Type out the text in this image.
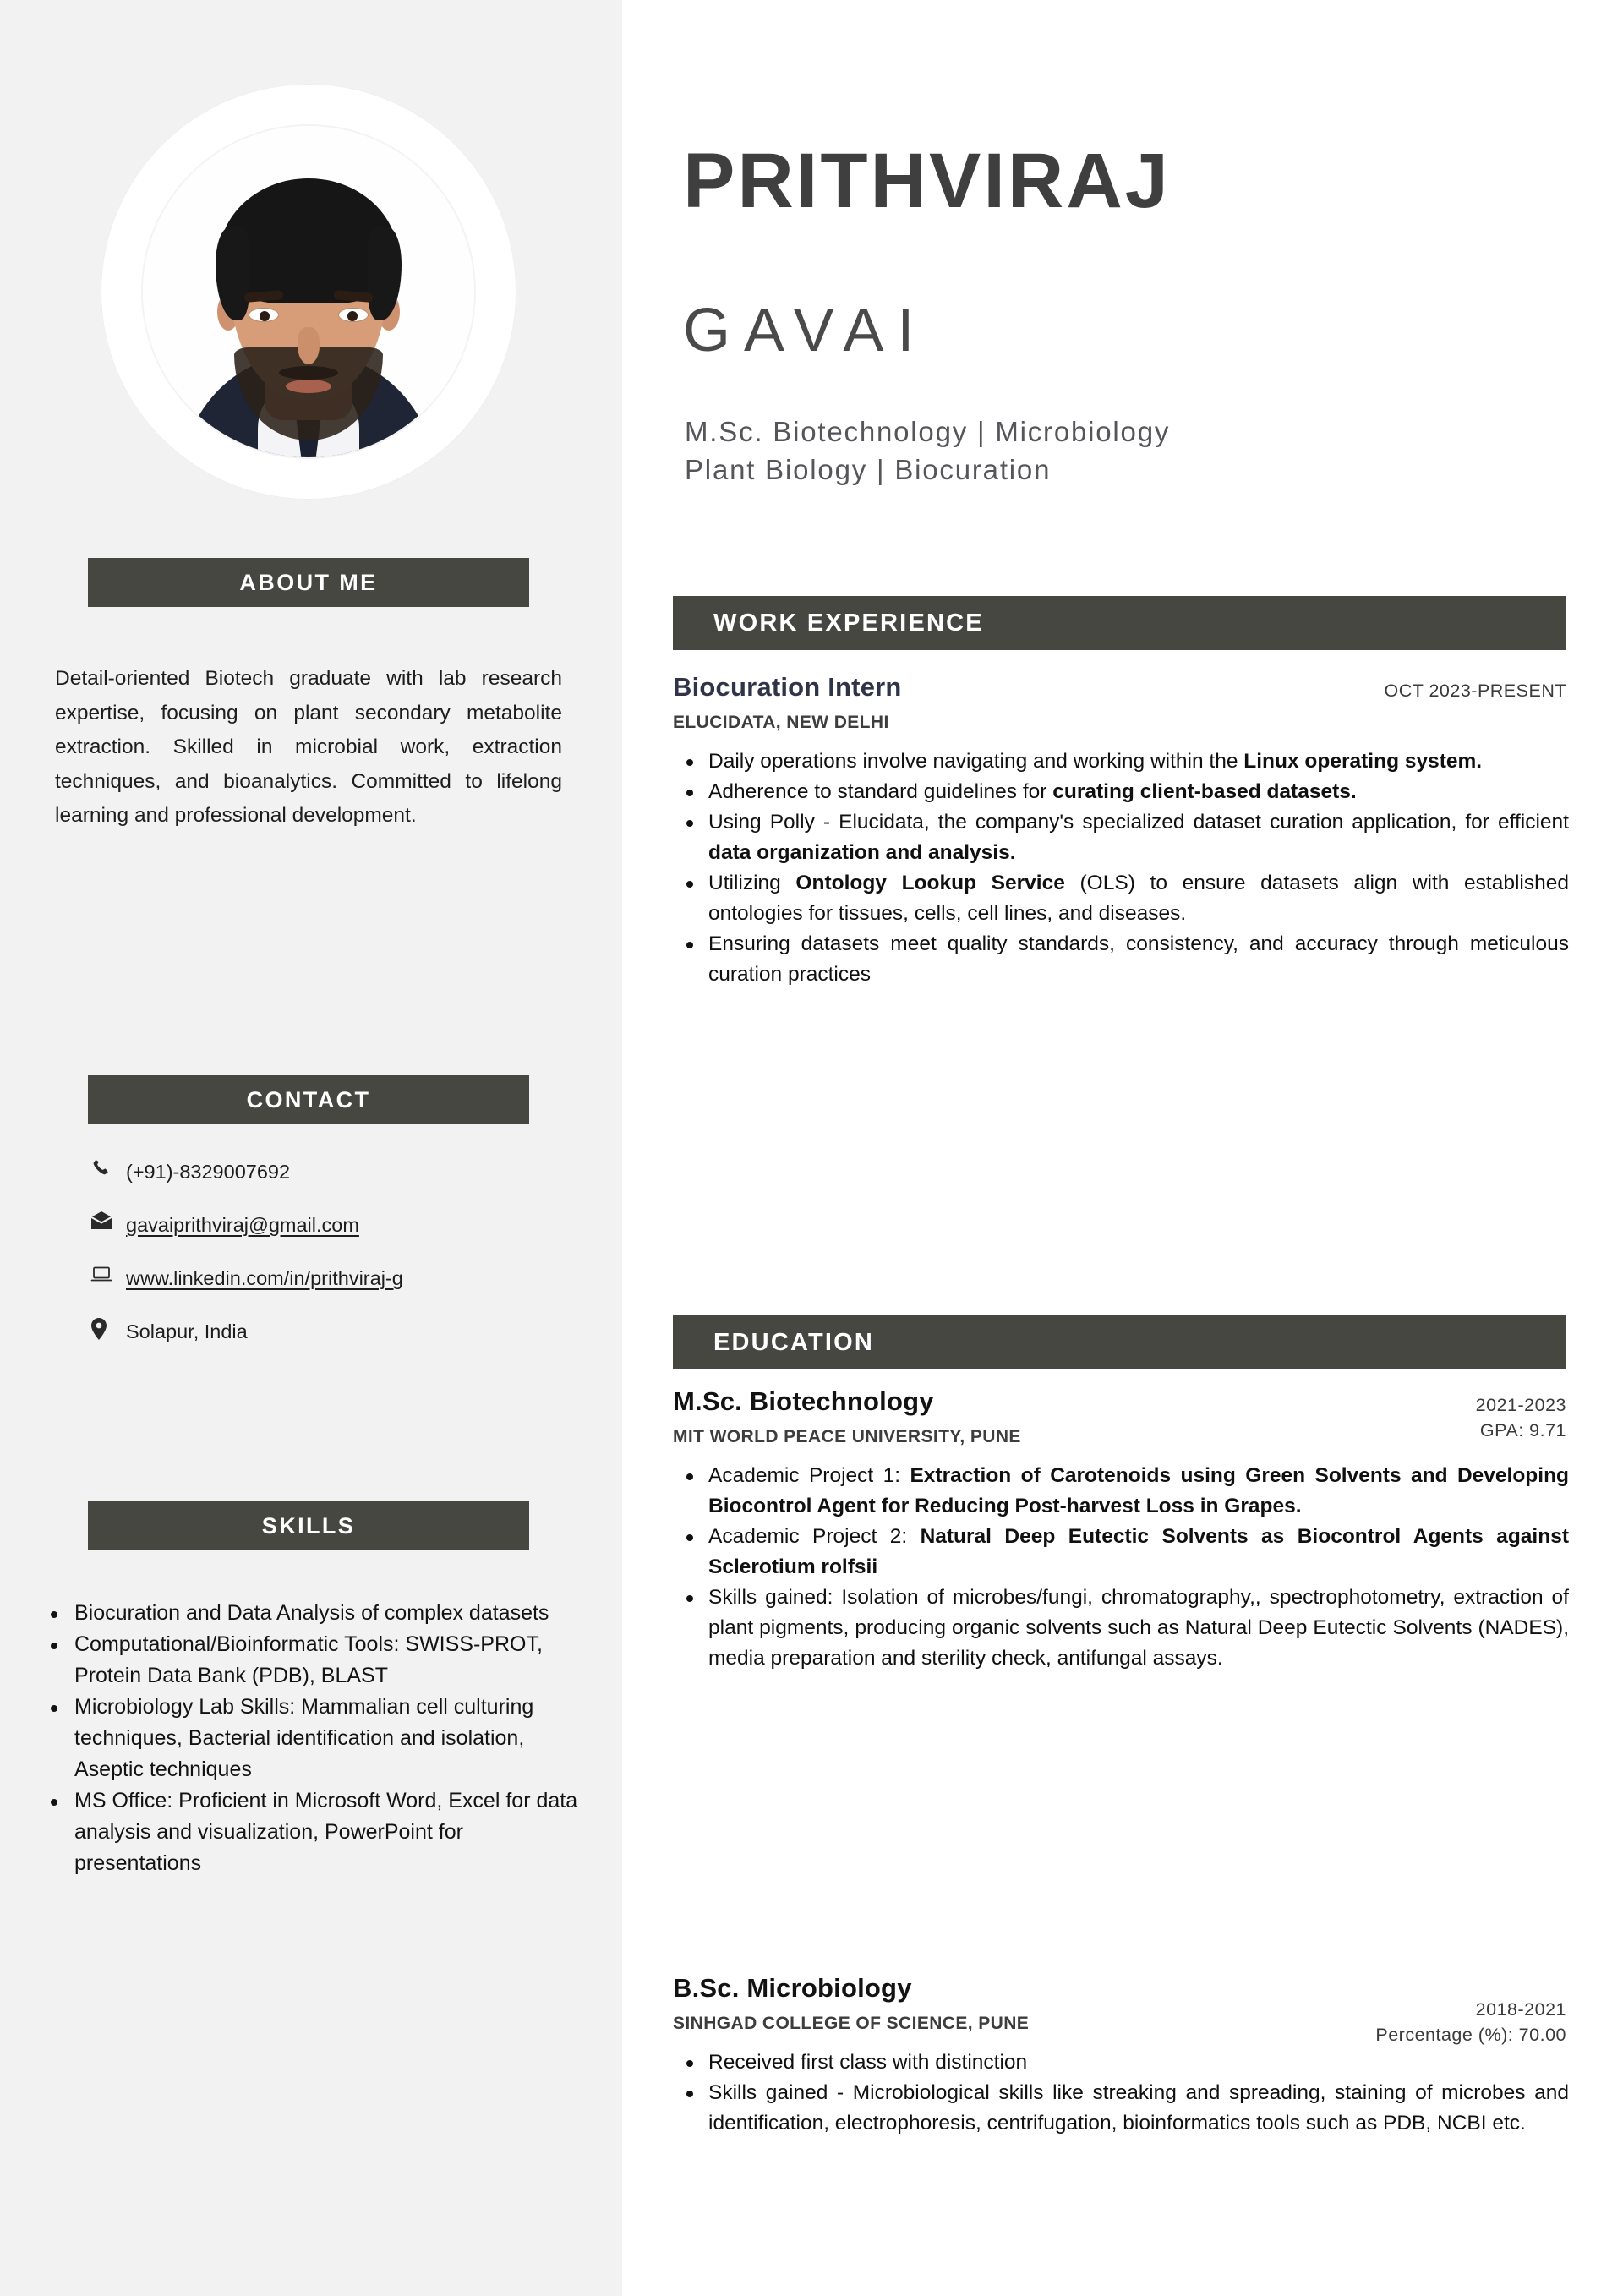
ABOUT ME

Detail-oriented Biotech graduate with lab research expertise, focusing on plant secondary metabolite extraction. Skilled in microbial work, extraction techniques, and bioanalytics. Committed to lifelong learning and professional development.

CONTACT
(+91)-8329007692
gavaiprithviraj@gmail.com
www.linkedin.com/in/prithviraj-g
Solapur, India
SKILLS
Biocuration and Data Analysis of complex datasets
Computational/Bioinformatic Tools: SWISS-PROT, Protein Data Bank (PDB), BLAST
Microbiology Lab Skills: Mammalian cell culturing techniques, Bacterial identification and isolation, Aseptic techniques
MS Office: Proficient in Microsoft Word, Excel for data analysis and visualization, PowerPoint for presentations
PRITHVIRAJ
GAVAI
M.Sc. Biotechnology | Microbiology
Plant Biology | Biocuration
WORK EXPERIENCE
Biocuration Intern	OCT 2023-PRESENT
ELUCIDATA, NEW DELHI
Daily operations involve navigating and working within the Linux operating system.
Adherence to standard guidelines for curating client-based datasets.
Using Polly - Elucidata, the company's specialized dataset curation application, for efficient data organization and analysis.
Utilizing Ontology Lookup Service (OLS) to ensure datasets align with established ontologies for tissues, cells, cell lines, and diseases.
Ensuring datasets meet quality standards, consistency, and accuracy through meticulous curation practices
EDUCATION
M.Sc. Biotechnology	2021-2023
GPA: 9.71
MIT WORLD PEACE UNIVERSITY, PUNE
Academic Project 1: Extraction of Carotenoids using Green Solvents and Developing Biocontrol Agent for Reducing Post-harvest Loss in Grapes.
Academic Project 2: Natural Deep Eutectic Solvents as Biocontrol Agents against Sclerotium rolfsii
Skills gained: Isolation of microbes/fungi, chromatography,, spectrophotometry, extraction of plant pigments, producing organic solvents such as Natural Deep Eutectic Solvents (NADES), media preparation and sterility check, antifungal assays.
B.Sc. Microbiology
2018-2021
Percentage (%): 70.00
SINHGAD COLLEGE OF SCIENCE, PUNE
Received first class with distinction
Skills gained - Microbiological skills like streaking and spreading, staining of microbes and identification, electrophoresis, centrifugation, bioinformatics tools such as PDB, NCBI etc.
